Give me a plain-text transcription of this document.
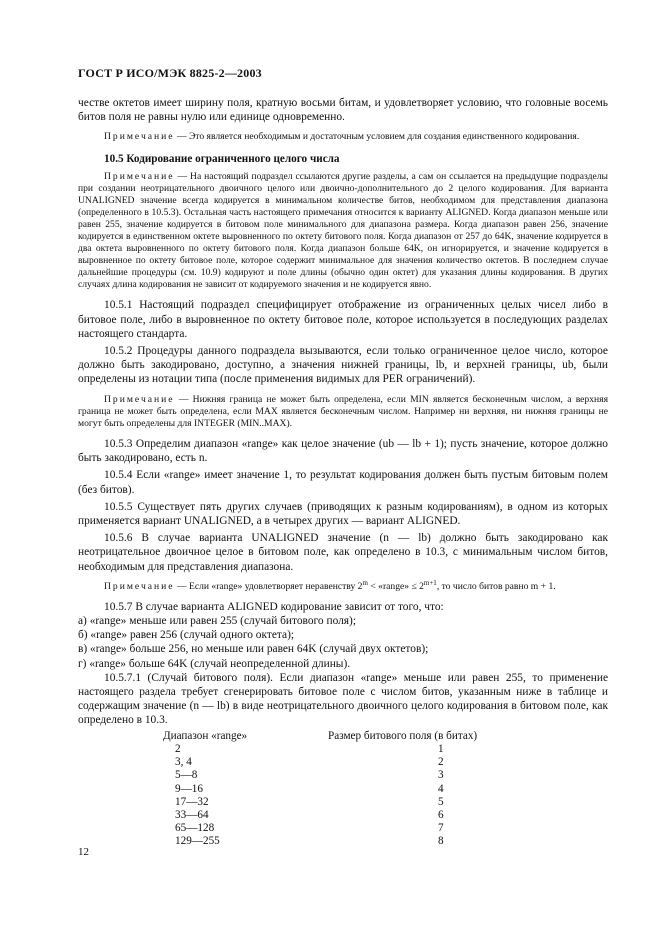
ГОСТ Р ИСО/МЭК 8825-2—2003

честве октетов имеет ширину поля, кратную восьми битам, и удовлетворяет условию, что головные восемь битов поля не равны нулю или единице одновременно.

Примечание — Это является необходимым и достаточным условием для создания единственного кодирования.

10.5 Кодирование ограниченного целого числа

Примечание — На настоящий подраздел ссылаются другие разделы, а сам он ссылается на предыдущие подразделы при создании неотрицательного двоичного целого или двоично-дополнительного до 2 целого кодирования. Для варианта UNALIGNED значение всегда кодируется в минимальном количестве битов, необходимом для представления диапазона (определенного в 10.5.3). Остальная часть настоящего примечания относится к варианту ALIGNED. Когда диапазон меньше или равен 255, значение кодируется в битовом поле минимального для диапазона размера. Когда диапазон равен 256, значение кодируется в единственном октете выровненного по октету битового поля. Когда диапазон от 257 до 64K, значение кодируется в два октета выровненного по октету битового поля. Когда диапазон больше 64K, он игнорируется, и значение кодируется в выровненное по октету битовое поле, которое содержит минимальное для значения количество октетов. В последнем случае дальнейшие процедуры (см. 10.9) кодируют и поле длины (обычно один октет) для указания длины кодирования. В других случаях длина кодирования не зависит от кодируемого значения и не кодируется явно.

10.5.1 Настоящий подраздел специфицирует отображение из ограниченных целых чисел либо в битовое поле, либо в выровненное по октету битовое поле, которое используется в последующих разделах настоящего стандарта.

10.5.2 Процедуры данного подраздела вызываются, если только ограниченное целое число, которое должно быть закодировано, доступно, а значения нижней границы, lb, и верхней границы, ub, были определены из нотации типа (после применения видимых для PER ограничений).

Примечание — Нижняя граница не может быть определена, если MIN является бесконечным числом, а верхняя граница не может быть определена, если MAX является бесконечным числом. Например ни верхняя, ни нижняя границы не могут быть определены для INTEGER (MIN..MAX).

10.5.3 Определим диапазон «range» как целое значение (ub — lb + 1); пусть значение, которое должно быть закодировано, есть n.

10.5.4 Если «range» имеет значение 1, то результат кодирования должен быть пустым битовым полем (без битов).

10.5.5 Существует пять других случаев (приводящих к разным кодированиям), в одном из которых применяется вариант UNALIGNED, а в четырех других — вариант ALIGNED.

10.5.6 В случае варианта UNALIGNED значение (n — lb) должно быть закодировано как неотрицательное двоичное целое в битовом поле, как определено в 10.3, с минимальным числом битов, необходимым для представления диапазона.

Примечание — Если «range» удовлетворяет неравенству $2^m$ < «range» ≤ $2^{m+1}$, то число битов равно m + 1.

10.5.7 В случае варианта ALIGNED кодирование зависит от того, что:

а) «range» меньше или равен 255 (случай битового поля);

б) «range» равен 256 (случай одного октета);

в) «range» больше 256, но меньше или равен 64K (случай двух октетов);

г) «range» больше 64K (случай неопределенной длины).

10.5.7.1 (Случай битового поля). Если диапазон «range» меньше или равен 255, то применение настоящего раздела требует сгенерировать битовое поле с числом битов, указанным ниже в таблице и содержащим значение (n — lb) в виде неотрицательного двоичного целого кодирования в битовом поле, как определено в 10.3.

Диапазон «range»	Размер битового поля (в битах)
2	1
3, 4	2
5—8	3
9—16	4
17—32	5
33—64	6
65—128	7
129—255	8
12
